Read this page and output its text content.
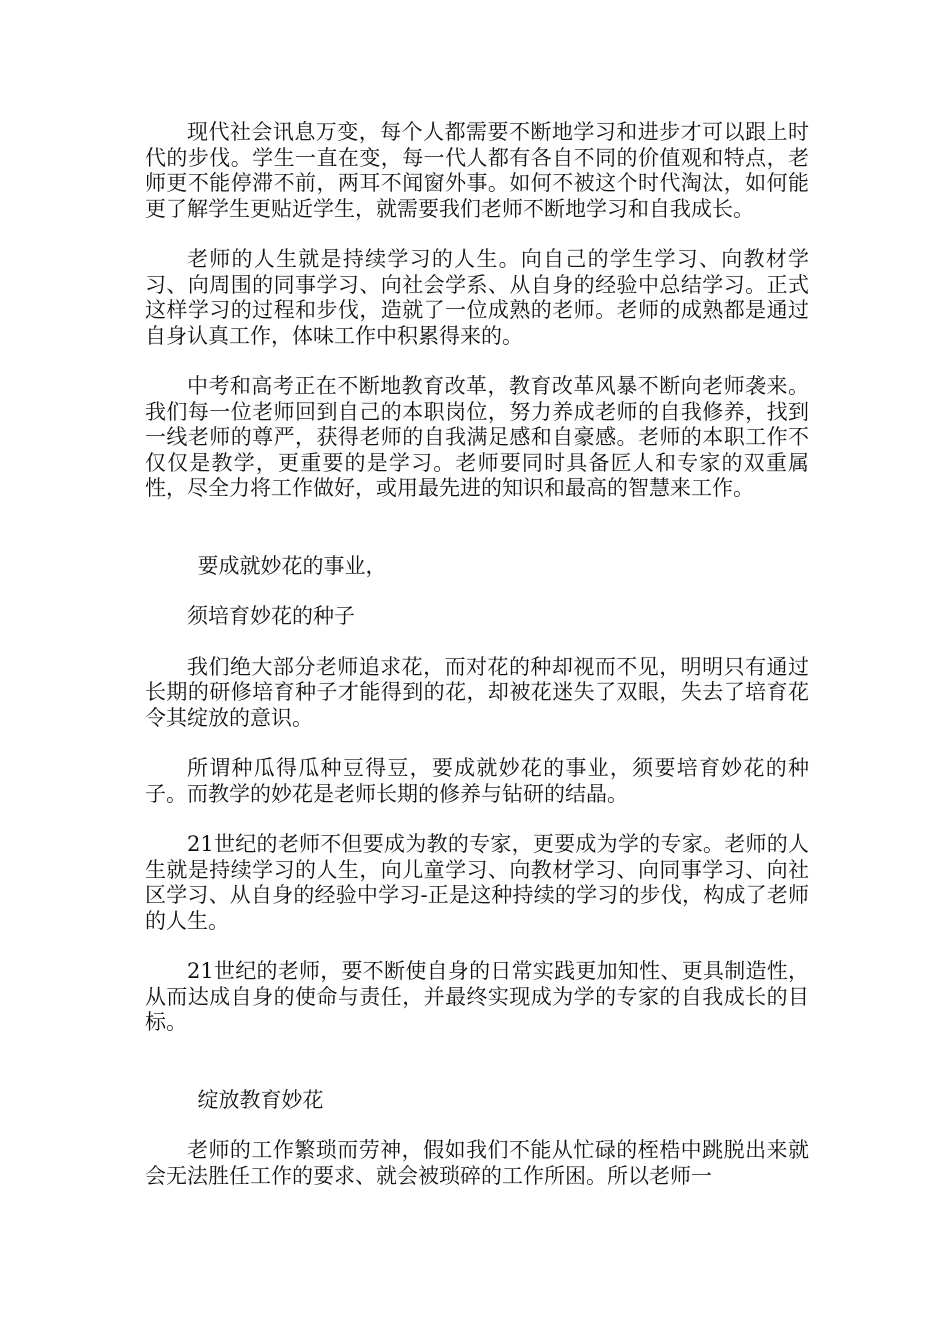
现代社会讯息万变，每个人都需要不断地学习和进步才可以跟上时代的步伐。学生一直在变，每一代人都有各自不同的价值观和特点，老师更不能停滞不前，两耳不闻窗外事。如何不被这个时代淘汰，如何能更了解学生更贴近学生，就需要我们老师不断地学习和自我成长。

老师的人生就是持续学习的人生。向自己的学生学习、向教材学习、向周围的同事学习、向社会学系、从自身的经验中总结学习。正式这样学习的过程和步伐，造就了一位成熟的老师。老师的成熟都是通过自身认真工作，体味工作中积累得来的。

中考和高考正在不断地教育改革，教育改革风暴不断向老师袭来。我们每一位老师回到自己的本职岗位，努力养成老师的自我修养，找到一线老师的尊严，获得老师的自我满足感和自豪感。老师的本职工作不仅仅是教学，更重要的是学习。老师要同时具备匠人和专家的双重属性，尽全力将工作做好，或用最先进的知识和最高的智慧来工作。

要成就妙花的事业，

须培育妙花的种子

我们绝大部分老师追求花，而对花的种却视而不见，明明只有通过长期的研修培育种子才能得到的花，却被花迷失了双眼，失去了培育花令其绽放的意识。

所谓种瓜得瓜种豆得豆，要成就妙花的事业，须要培育妙花的种子。而教学的妙花是老师长期的修养与钻研的结晶。

21世纪的老师不但要成为教的专家，更要成为学的专家。老师的人生就是持续学习的人生，向儿童学习、向教材学习、向同事学习、向社区学习、从自身的经验中学习-正是这种持续的学习的步伐，构成了老师的人生。

21世纪的老师，要不断使自身的日常实践更加知性、更具制造性，从而达成自身的使命与责任，并最终实现成为学的专家的自我成长的目标。

绽放教育妙花

老师的工作繁琐而劳神，假如我们不能从忙碌的桎梏中跳脱出来就会无法胜任工作的要求、就会被琐碎的工作所困。所以老师一
